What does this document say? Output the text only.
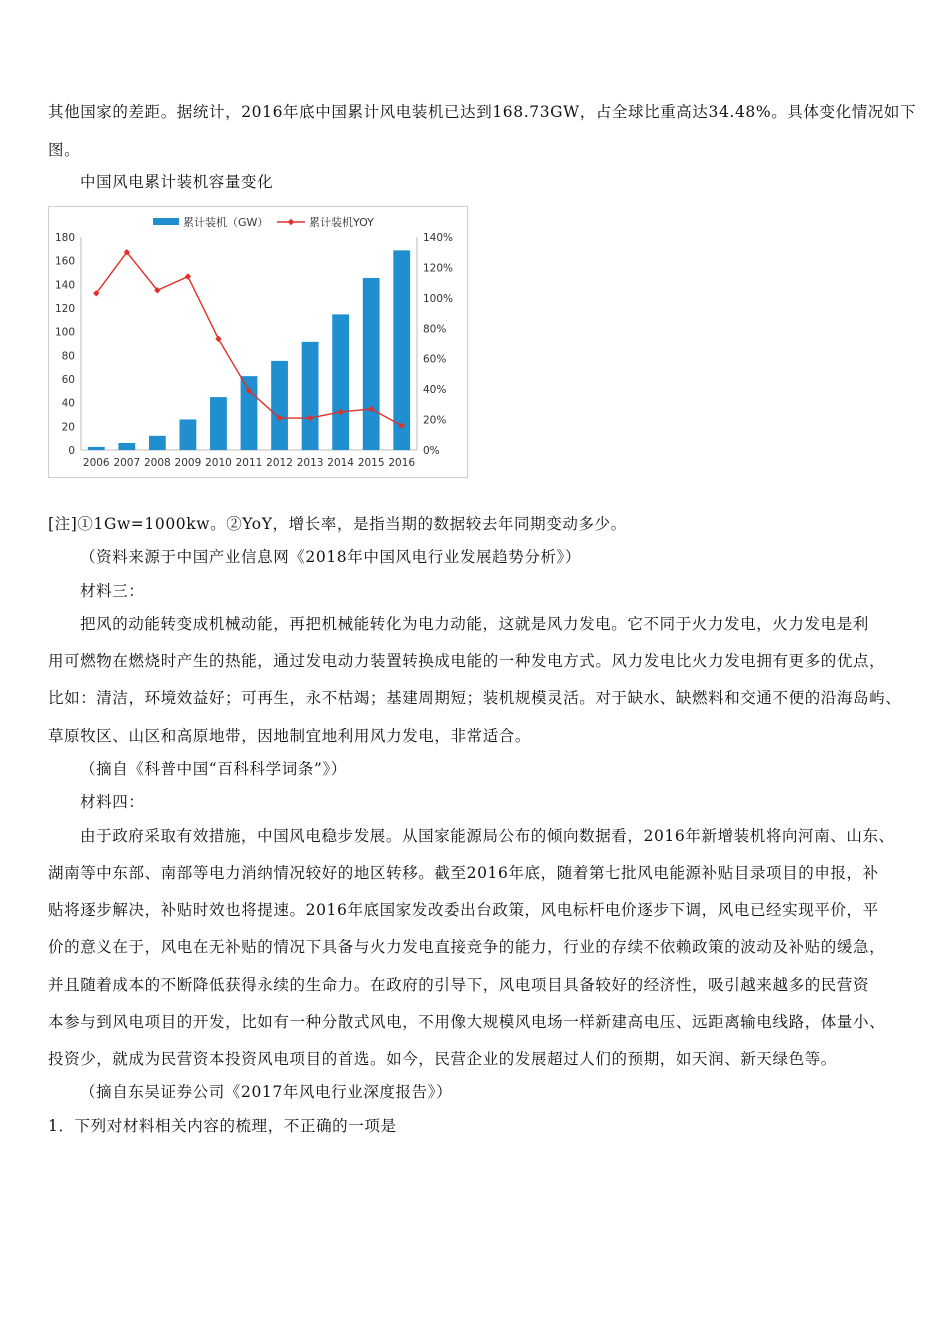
其他国家的差距。据统计，2016年底中国累计风电装机已达到168.73GW，占全球比重高达34.48%。具体变化情况如下
图。
中国风电累计装机容量变化
0
20
40
60
80
100
120
140
160
180
0%
20%
40%
60%
80%
100%
120%
140%
2006 2007 2008 2009 2010 2011 2012 2013 2014 2015 2016
累计装机（GW）	累计装机YOY
[注]①1Gw=1000kw。②YoY，增长率，是指当期的数据较去年同期变动多少。
（资料来源于中国产业信息网《2018年中国风电行业发展趋势分析》）
材料三：
把风的动能转变成机械动能，再把机械能转化为电力动能，这就是风力发电。它不同于火力发电，火力发电是利
用可燃物在燃烧时产生的热能，通过发电动力装置转换成电能的一种发电方式。风力发电比火力发电拥有更多的优点，
比如：清洁，环境效益好；可再生，永不枯竭；基建周期短；装机规模灵活。对于缺水、缺燃料和交通不便的沿海岛屿、
草原牧区、山区和高原地带，因地制宜地利用风力发电，非常适合。
（摘自《科普中国“百科科学词条”》）
材料四：
由于政府采取有效措施，中国风电稳步发展。从国家能源局公布的倾向数据看，2016年新增装机将向河南、山东、
湖南等中东部、南部等电力消纳情况较好的地区转移。截至2016年底，随着第七批风电能源补贴目录项目的申报，补
贴将逐步解决，补贴时效也将提速。2016年底国家发改委出台政策，风电标杆电价逐步下调，风电已经实现平价，平
价的意义在于，风电在无补贴的情况下具备与火力发电直接竞争的能力，行业的存续不依赖政策的波动及补贴的缓急，
并且随着成本的不断降低获得永续的生命力。在政府的引导下，风电项目具备较好的经济性，吸引越来越多的民营资
本参与到风电项目的开发，比如有一种分散式风电，不用像大规模风电场一样新建高电压、远距离输电线路，体量小、
投资少，就成为民营资本投资风电项目的首选。如今，民营企业的发展超过人们的预期，如天润、新天绿色等。
（摘自东吴证券公司《2017年风电行业深度报告》）
1．下列对材料相关内容的梳理，不正确的一项是
